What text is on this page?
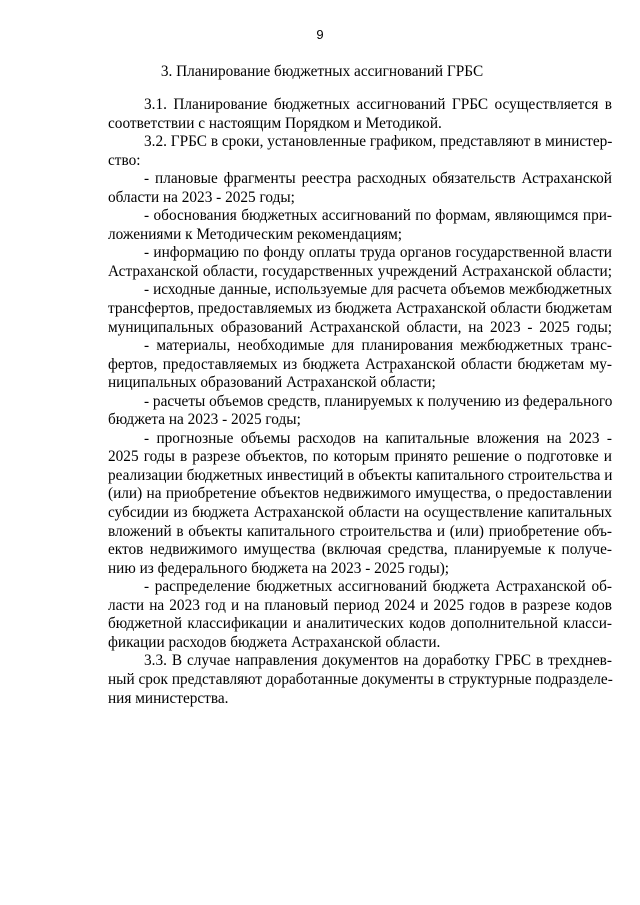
9
3. Планирование бюджетных ассигнований ГРБС
3.1. Планирование бюджетных ассигнований ГРБС осуществляется в
соответствии с настоящим Порядком и Методикой.
3.2. ГРБС в сроки, установленные графиком, представляют в министер-
ство:
- плановые фрагменты реестра расходных обязательств Астраханской
области на 2023 - 2025 годы;
- обоснования бюджетных ассигнований по формам, являющимся при-
ложениями к Методическим рекомендациям;
- информацию по фонду оплаты труда органов государственной власти
Астраханской области, государственных учреждений Астраханской области;
- исходные данные, используемые для расчета объемов межбюджетных
трансфертов, предоставляемых из бюджета Астраханской области бюджетам
муниципальных образований Астраханской области, на 2023 - 2025 годы;
- материалы, необходимые для планирования межбюджетных транс-
фертов, предоставляемых из бюджета Астраханской области бюджетам му-
ниципальных образований Астраханской области;
- расчеты объемов средств, планируемых к получению из федерального
бюджета на 2023 - 2025 годы;
- прогнозные объемы расходов на капитальные вложения на 2023 -
2025 годы в разрезе объектов, по которым принято решение о подготовке и
реализации бюджетных инвестиций в объекты капитального строительства и
(или) на приобретение объектов недвижимого имущества, о предоставлении
субсидии из бюджета Астраханской области на осуществление капитальных
вложений в объекты капитального строительства и (или) приобретение объ-
ектов недвижимого имущества (включая средства, планируемые к получе-
нию из федерального бюджета на 2023 - 2025 годы);
- распределение бюджетных ассигнований бюджета Астраханской об-
ласти на 2023 год и на плановый период 2024 и 2025 годов в разрезе кодов
бюджетной классификации и аналитических кодов дополнительной класси-
фикации расходов бюджета Астраханской области.
3.3. В случае направления документов на доработку ГРБС в трехднев-
ный срок представляют доработанные документы в структурные подразделе-
ния министерства.
